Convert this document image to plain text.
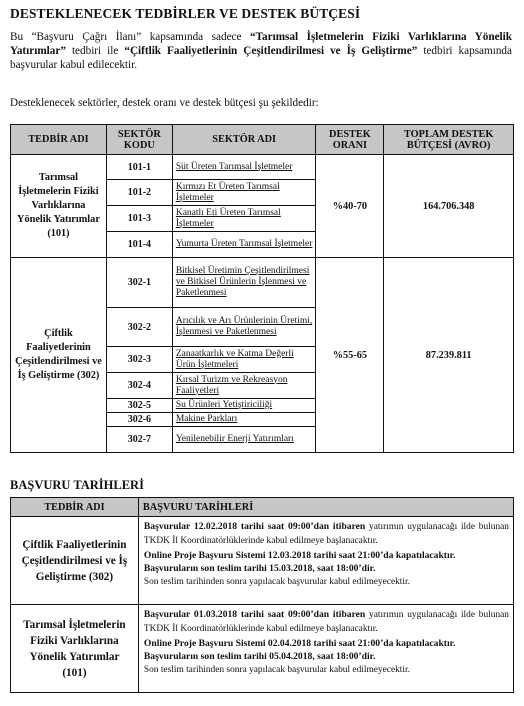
DESTEKLENECEK TEDBİRLER VE DESTEK BÜTÇESİ
Bu “Başvuru Çağrı İlanı” kapsamında sadece “Tarımsal İşletmelerin Fiziki Varlıklarına Yönelik Yatırımlar” tedbiri ile “Çiftlik Faaliyetlerinin Çeşitlendirilmesi ve İş Geliştirme” tedbiri kapsamında başvurular kabul edilecektir.
Desteklenecek sektörler, destek oranı ve destek bütçesi şu şekildedir:
TEDBİR ADI	SEKTÖR KODU	SEKTÖR ADI	DESTEK ORANI	TOPLAM DESTEK BÜTÇESİ (AVRO)
Tarımsal İşletmelerin Fiziki Varlıklarına Yönelik Yatırımlar (101)	101-1	Süt Üreten Tarımsal İşletmeler	%40-70	164.706.348
	101-2	Kırmızı Et Üreten Tarımsal İşletmeler		
	101-3	Kanatlı Eti Üreten Tarımsal İşletmeler		
	101-4	Yumurta Üreten Tarımsal İşletmeler		
Çiftlik Faaliyetlerinin Çeşitlendirilmesi ve İş Geliştirme (302)	302-1	Bitkisel Üretimin Çeşitlendirilmesi ve Bitkisel Ürünlerin İşlenmesi ve Paketlenmesi	%55-65	87.239.811
	302-2	Arıcılık ve Arı Ürünlerinin Üretimi, İşlenmesi ve Paketlenmesi		
	302-3	Zanaatkarlık ve Katma Değerli Ürün İşletmeleri		
	302-4	Kırsal Turizm ve Rekreasyon Faaliyetleri		
	302-5	Su Ürünleri Yetiştiriciliği		
	302-6	Makine Parkları		
	302-7	Yenilenebilir Enerji Yatırımları		
BAŞVURU TARİHLERİ
TEDBİR ADI	BAŞVURU TARİHLERİ
Çiftlik Faaliyetlerinin Çeşitlendirilmesi ve İş Geliştirme (302)	Başvurular 12.02.2018 tarihi saat 09:00’dan itibaren yatırımın uygulanacağı ilde bulunan TKDK İl Koordinatörlüklerinde kabul edilmeye başlanacaktır.
Online Proje Başvuru Sistemi 12.03.2018 tarihi saat 21:00’da kapatılacaktır.
Başvuruların son teslim tarihi 15.03.2018, saat 18:00’dir.
Son teslim tarihinden sonra yapılacak başvurular kabul edilmeyecektir.

Tarımsal İşletmelerin Fiziki Varlıklarına Yönelik Yatırımlar (101)	Başvurular 01.03.2018 tarihi saat 09:00’dan itibaren yatırımın uygulanacağı ilde bulunan TKDK İl Koordinatörlüklerinde kabul edilmeye başlanacaktır.
Online Proje Başvuru Sistemi 02.04.2018 tarihi saat 21:00’da kapatılacaktır.
Başvuruların son teslim tarihi 05.04.2018, saat 18:00’dir.
Son teslim tarihinden sonra yapılacak başvurular kabul edilmeyecektir.
